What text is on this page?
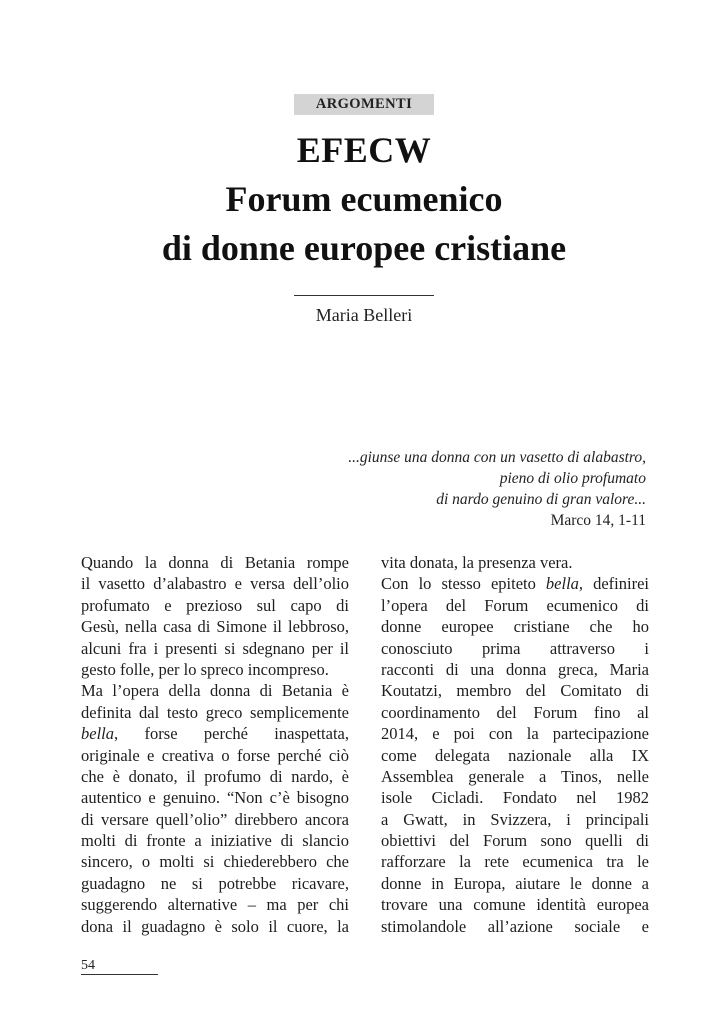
ARGOMENTI
EFECW
Forum ecumenico
di donne europee cristiane
Maria Belleri
...giunse una donna con un vasetto di alabastro,
pieno di olio profumato
di nardo genuino di gran valore...
Marco 14, 1-11
Quando la donna di Betania rompe
il vasetto d’alabastro e versa dell’olio
profumato e prezioso sul capo di
Gesù, nella casa di Simone il lebbroso,
alcuni fra i presenti si sdegnano per il
gesto folle, per lo spreco incompreso.
Ma l’opera della donna di Betania è
definita dal testo greco semplicemente
bella, forse perché inaspettata,
originale e creativa o forse perché ciò
che è donato, il profumo di nardo, è
autentico e genuino. “Non c’è bisogno
di versare quell’olio” direbbero ancora
molti di fronte a iniziative di slancio
sincero, o molti si chiederebbero che
guadagno ne si potrebbe ricavare,
suggerendo alternative – ma per chi
dona il guadagno è solo il cuore, la
vita donata, la presenza vera.
Con lo stesso epiteto bella, definirei
l’opera del Forum ecumenico di
donne europee cristiane che ho
conosciuto prima attraverso i
racconti di una donna greca, Maria
Koutatzi, membro del Comitato di
coordinamento del Forum fino al
2014, e poi con la partecipazione
come delegata nazionale alla IX
Assemblea generale a Tinos, nelle
isole Cicladi. Fondato nel 1982
a Gwatt, in Svizzera, i principali
obiettivi del Forum sono quelli di
rafforzare la rete ecumenica tra le
donne in Europa, aiutare le donne a
trovare una comune identità europea
stimolandole all’azione sociale e
54
